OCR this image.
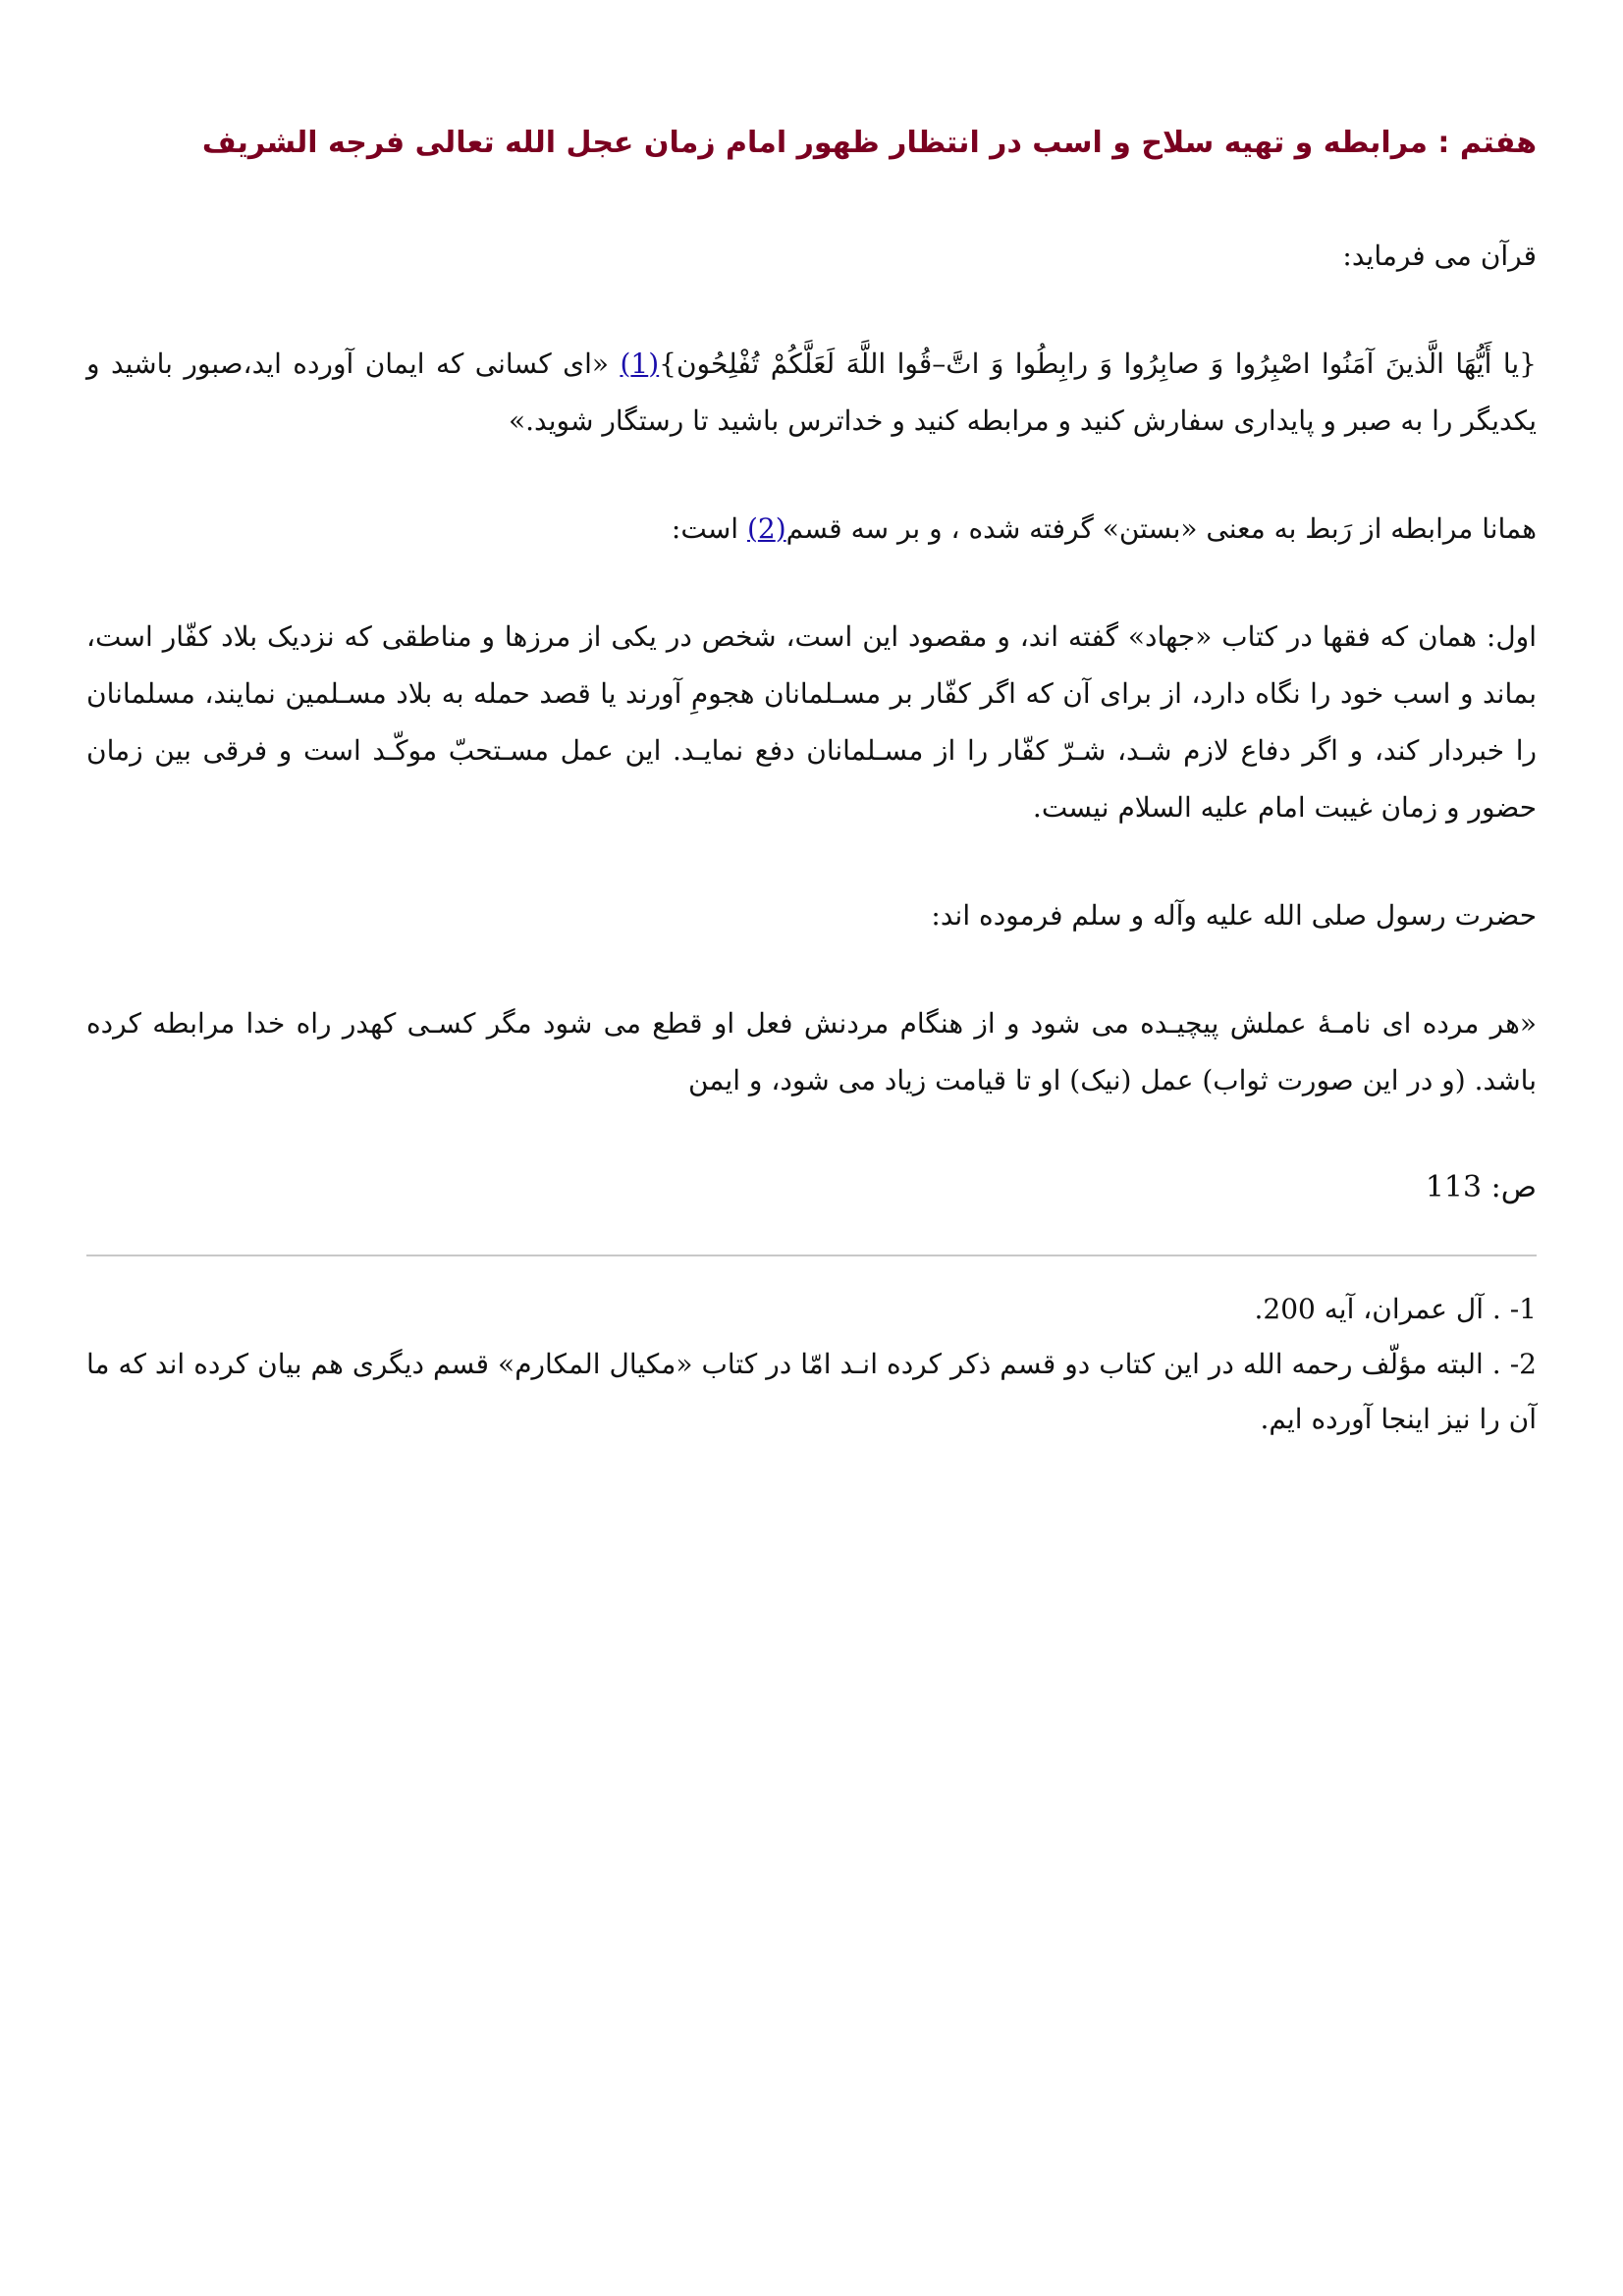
هفتم : مرابطه و تهیه سلاح و اسب در انتظار ظهور امام زمان عجل الله تعالی فرجه الشریف

قرآن می فرماید:

{يا أَيُّهَا الَّذينَ آمَنُوا اصْبِرُوا وَ صابِرُوا وَ رابِطُوا وَ اتَّ–قُوا اللَّهَ لَعَلَّكُمْ تُفْلِحُون}(1) «ای کسانی که ایمان آورده اید،صبور باشید و یکدیگر را به صبر و پایداری سفارش کنید و مرابطه کنید و خداترس باشید تا رستگار شوید.»

همانا مرابطه از رَبط به معنی «بستن» گرفته شده ، و بر سه قسم(2) است:

اول: همان که فقها در کتاب «جهاد» گفته اند، و مقصود این است، شخص در یکی از مرزها و مناطقی که نزدیک بلاد کفّار است، بماند و اسب خود را نگاه دارد، از برای آن که اگر کفّار بر مسـلمانان هجومِ آورند یا قصد حمله به بلاد مسـلمین نمایند، مسلمانان را خبردار کند، و اگر دفاع لازم شـد، شـرّ کفّار را از مسـلمانان دفع نمایـد. این عمل مسـتحبّ موکّـد است و فرقی بین زمان حضور و زمان غیبت امام علیه السلام نیست.

حضرت رسول صلی الله علیه وآله و سلم فرموده اند:

«هر مرده ای نامـهٔ عملش پیچیـده می شود و از هنگام مردنش فعل او قطع می شود مگر کسـی کهدر راه خدا مرابطه کرده باشد. (و در این صورت ثواب) عمل (نیک) او تا قیامت زیاد می شود، و ایمن

ص: 113

1- . آل عمران، آیه 200.

2- . البته مؤلّف رحمه الله در این کتاب دو قسم ذکر کرده انـد امّا در کتاب «مکیال المکارم» قسم دیگری هم بیان کرده اند که ما آن را نیز اینجا آورده ایم.
